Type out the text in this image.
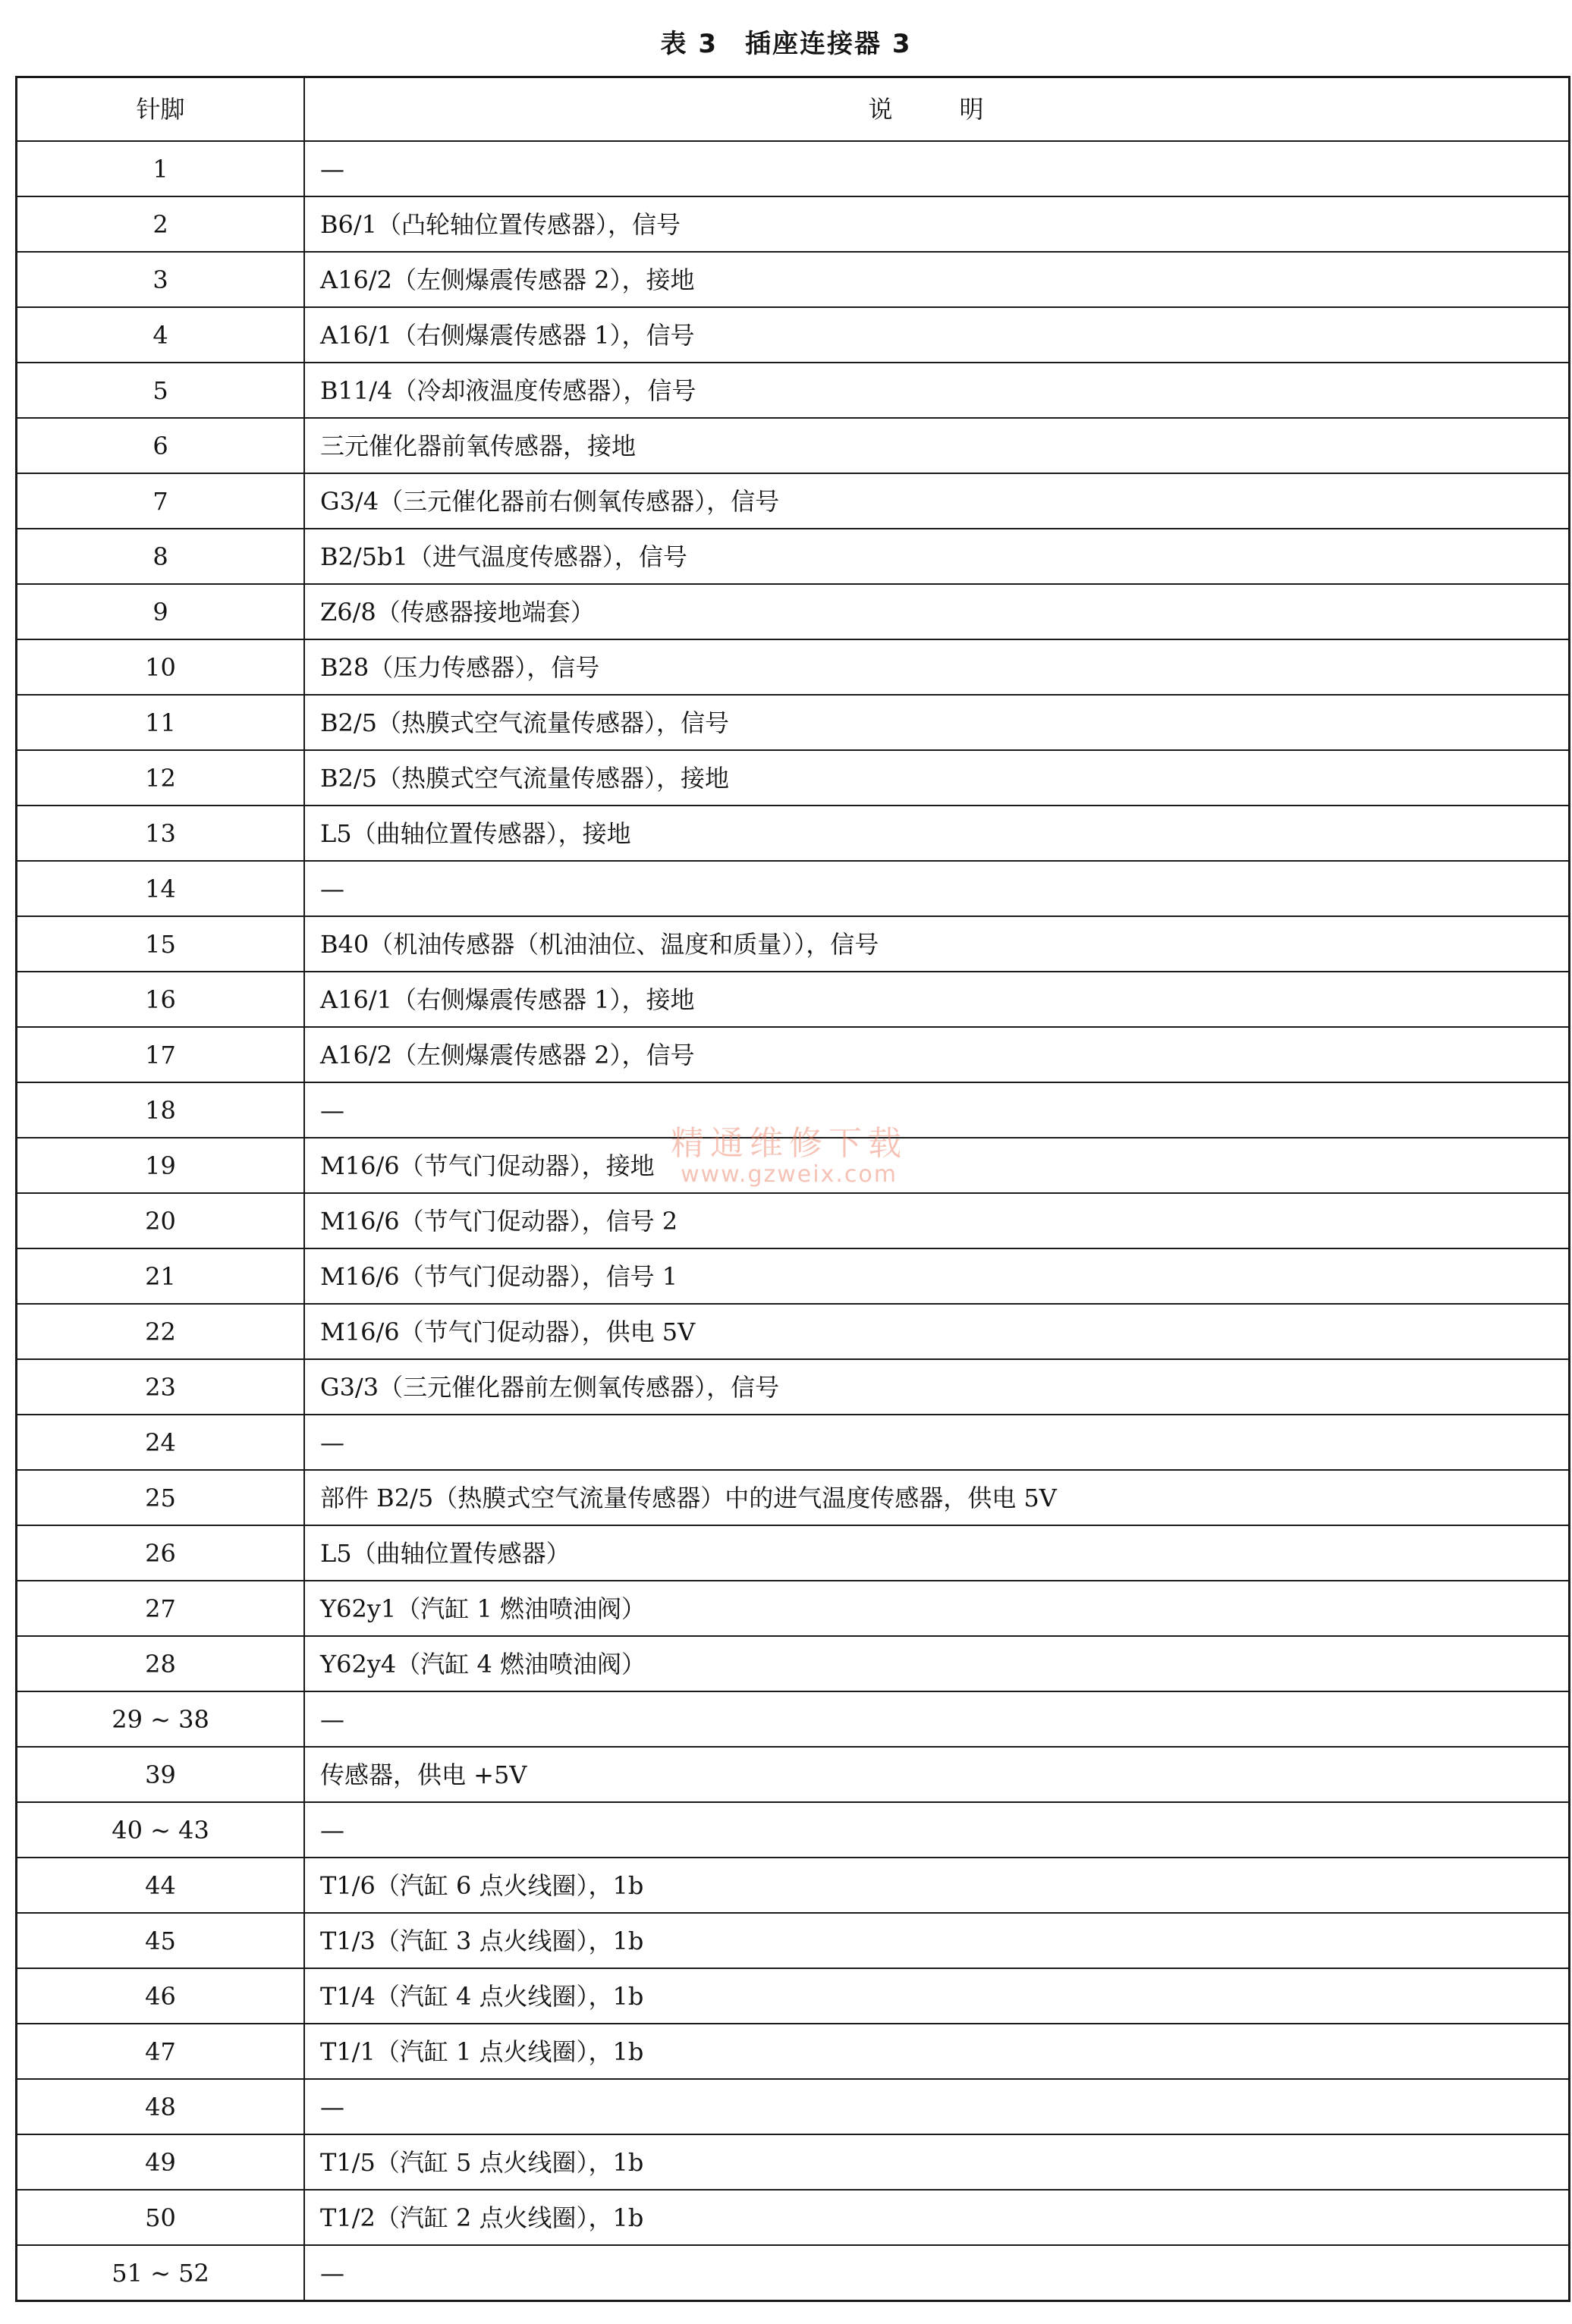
表 3　插座连接器 3
针脚	说　明
1	—
2	B6/1（凸轮轴位置传感器），信号
3	A16/2（左侧爆震传感器 2），接地
4	A16/1（右侧爆震传感器 1），信号
5	B11/4（冷却液温度传感器），信号
6	三元催化器前氧传感器，接地
7	G3/4（三元催化器前右侧氧传感器），信号
8	B2/5b1（进气温度传感器），信号
9	Z6/8（传感器接地端套）
10	B28（压力传感器），信号
11	B2/5（热膜式空气流量传感器），信号
12	B2/5（热膜式空气流量传感器），接地
13	L5（曲轴位置传感器），接地
14	—
15	B40（机油传感器（机油油位、温度和质量）），信号
16	A16/1（右侧爆震传感器 1），接地
17	A16/2（左侧爆震传感器 2），信号
18	—
19	M16/6（节气门促动器），接地
20	M16/6（节气门促动器），信号 2
21	M16/6（节气门促动器），信号 1
22	M16/6（节气门促动器），供电 5V
23	G3/3（三元催化器前左侧氧传感器），信号
24	—
25	部件 B2/5（热膜式空气流量传感器）中的进气温度传感器，供电 5V
26	L5（曲轴位置传感器）
27	Y62y1（汽缸 1 燃油喷油阀）
28	Y62y4（汽缸 4 燃油喷油阀）
29 ~ 38	—
39	传感器，供电 +5V
40 ~ 43	—
44	T1/6（汽缸 6 点火线圈），1b
45	T1/3（汽缸 3 点火线圈），1b
46	T1/4（汽缸 4 点火线圈），1b
47	T1/1（汽缸 1 点火线圈），1b
48	—
49	T1/5（汽缸 5 点火线圈），1b
50	T1/2（汽缸 2 点火线圈），1b
51 ~ 52	—
精通维修下载
www.gzweix.com
